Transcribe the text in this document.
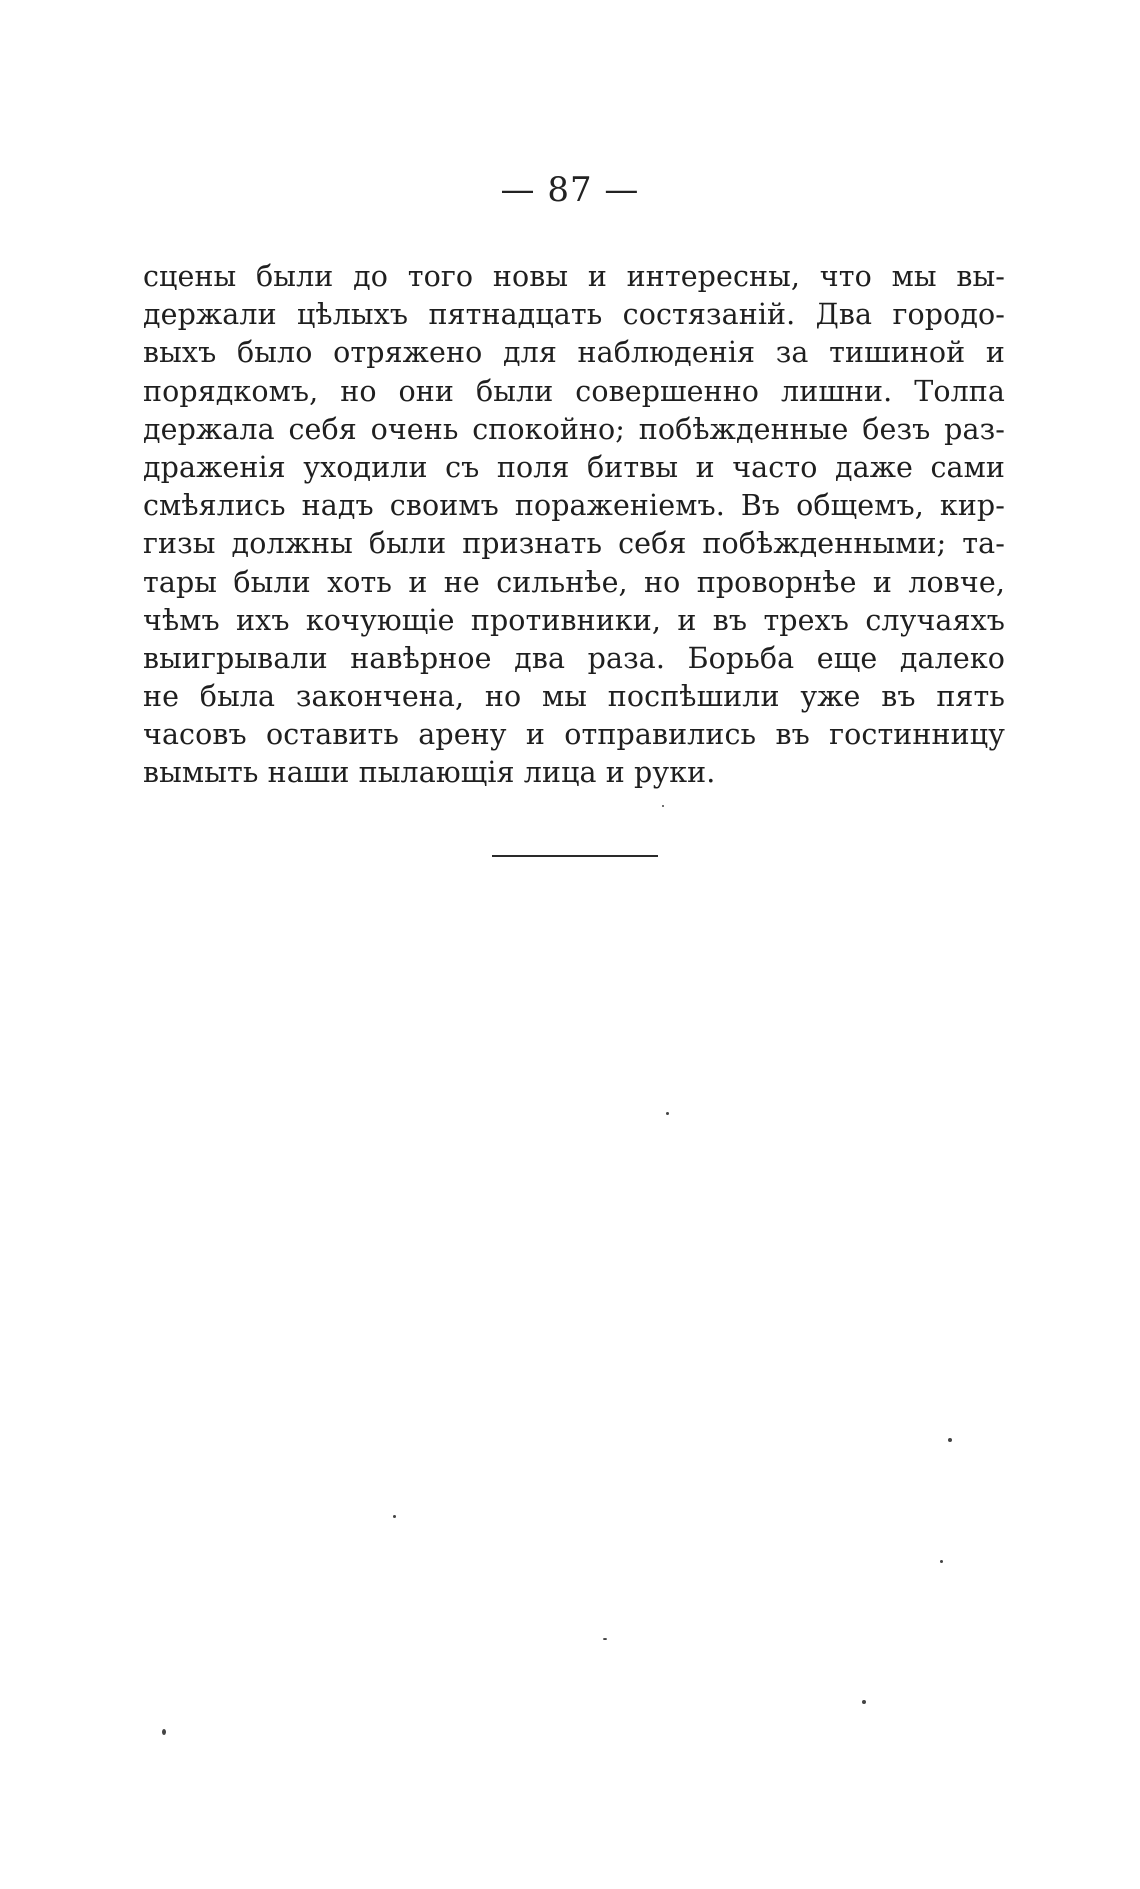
— 87 —
сцены были до того новы и интересны, что мы вы-
держали цѣлыхъ пятнадцать состязанiй. Два городо-
выхъ было отряжено для наблюденiя за тишиной и
порядкомъ, но они были совершенно лишни. Толпа
держала себя очень спокойно; побѣжденные безъ раз-
драженiя уходили съ поля битвы и часто даже сами
смѣялись надъ своимъ пораженiемъ. Въ общемъ, кир-
гизы должны были признать себя побѣжденными; та-
тары были хоть и не сильнѣе, но проворнѣе и ловче,
чѣмъ ихъ кочующiе противники, и въ трехъ случаяхъ
выигрывали навѣрное два раза. Борьба еще далеко
не была закончена, но мы поспѣшили уже въ пять
часовъ оставить арену и отправились въ гостинницу
вымыть наши пылающiя лица и руки.
